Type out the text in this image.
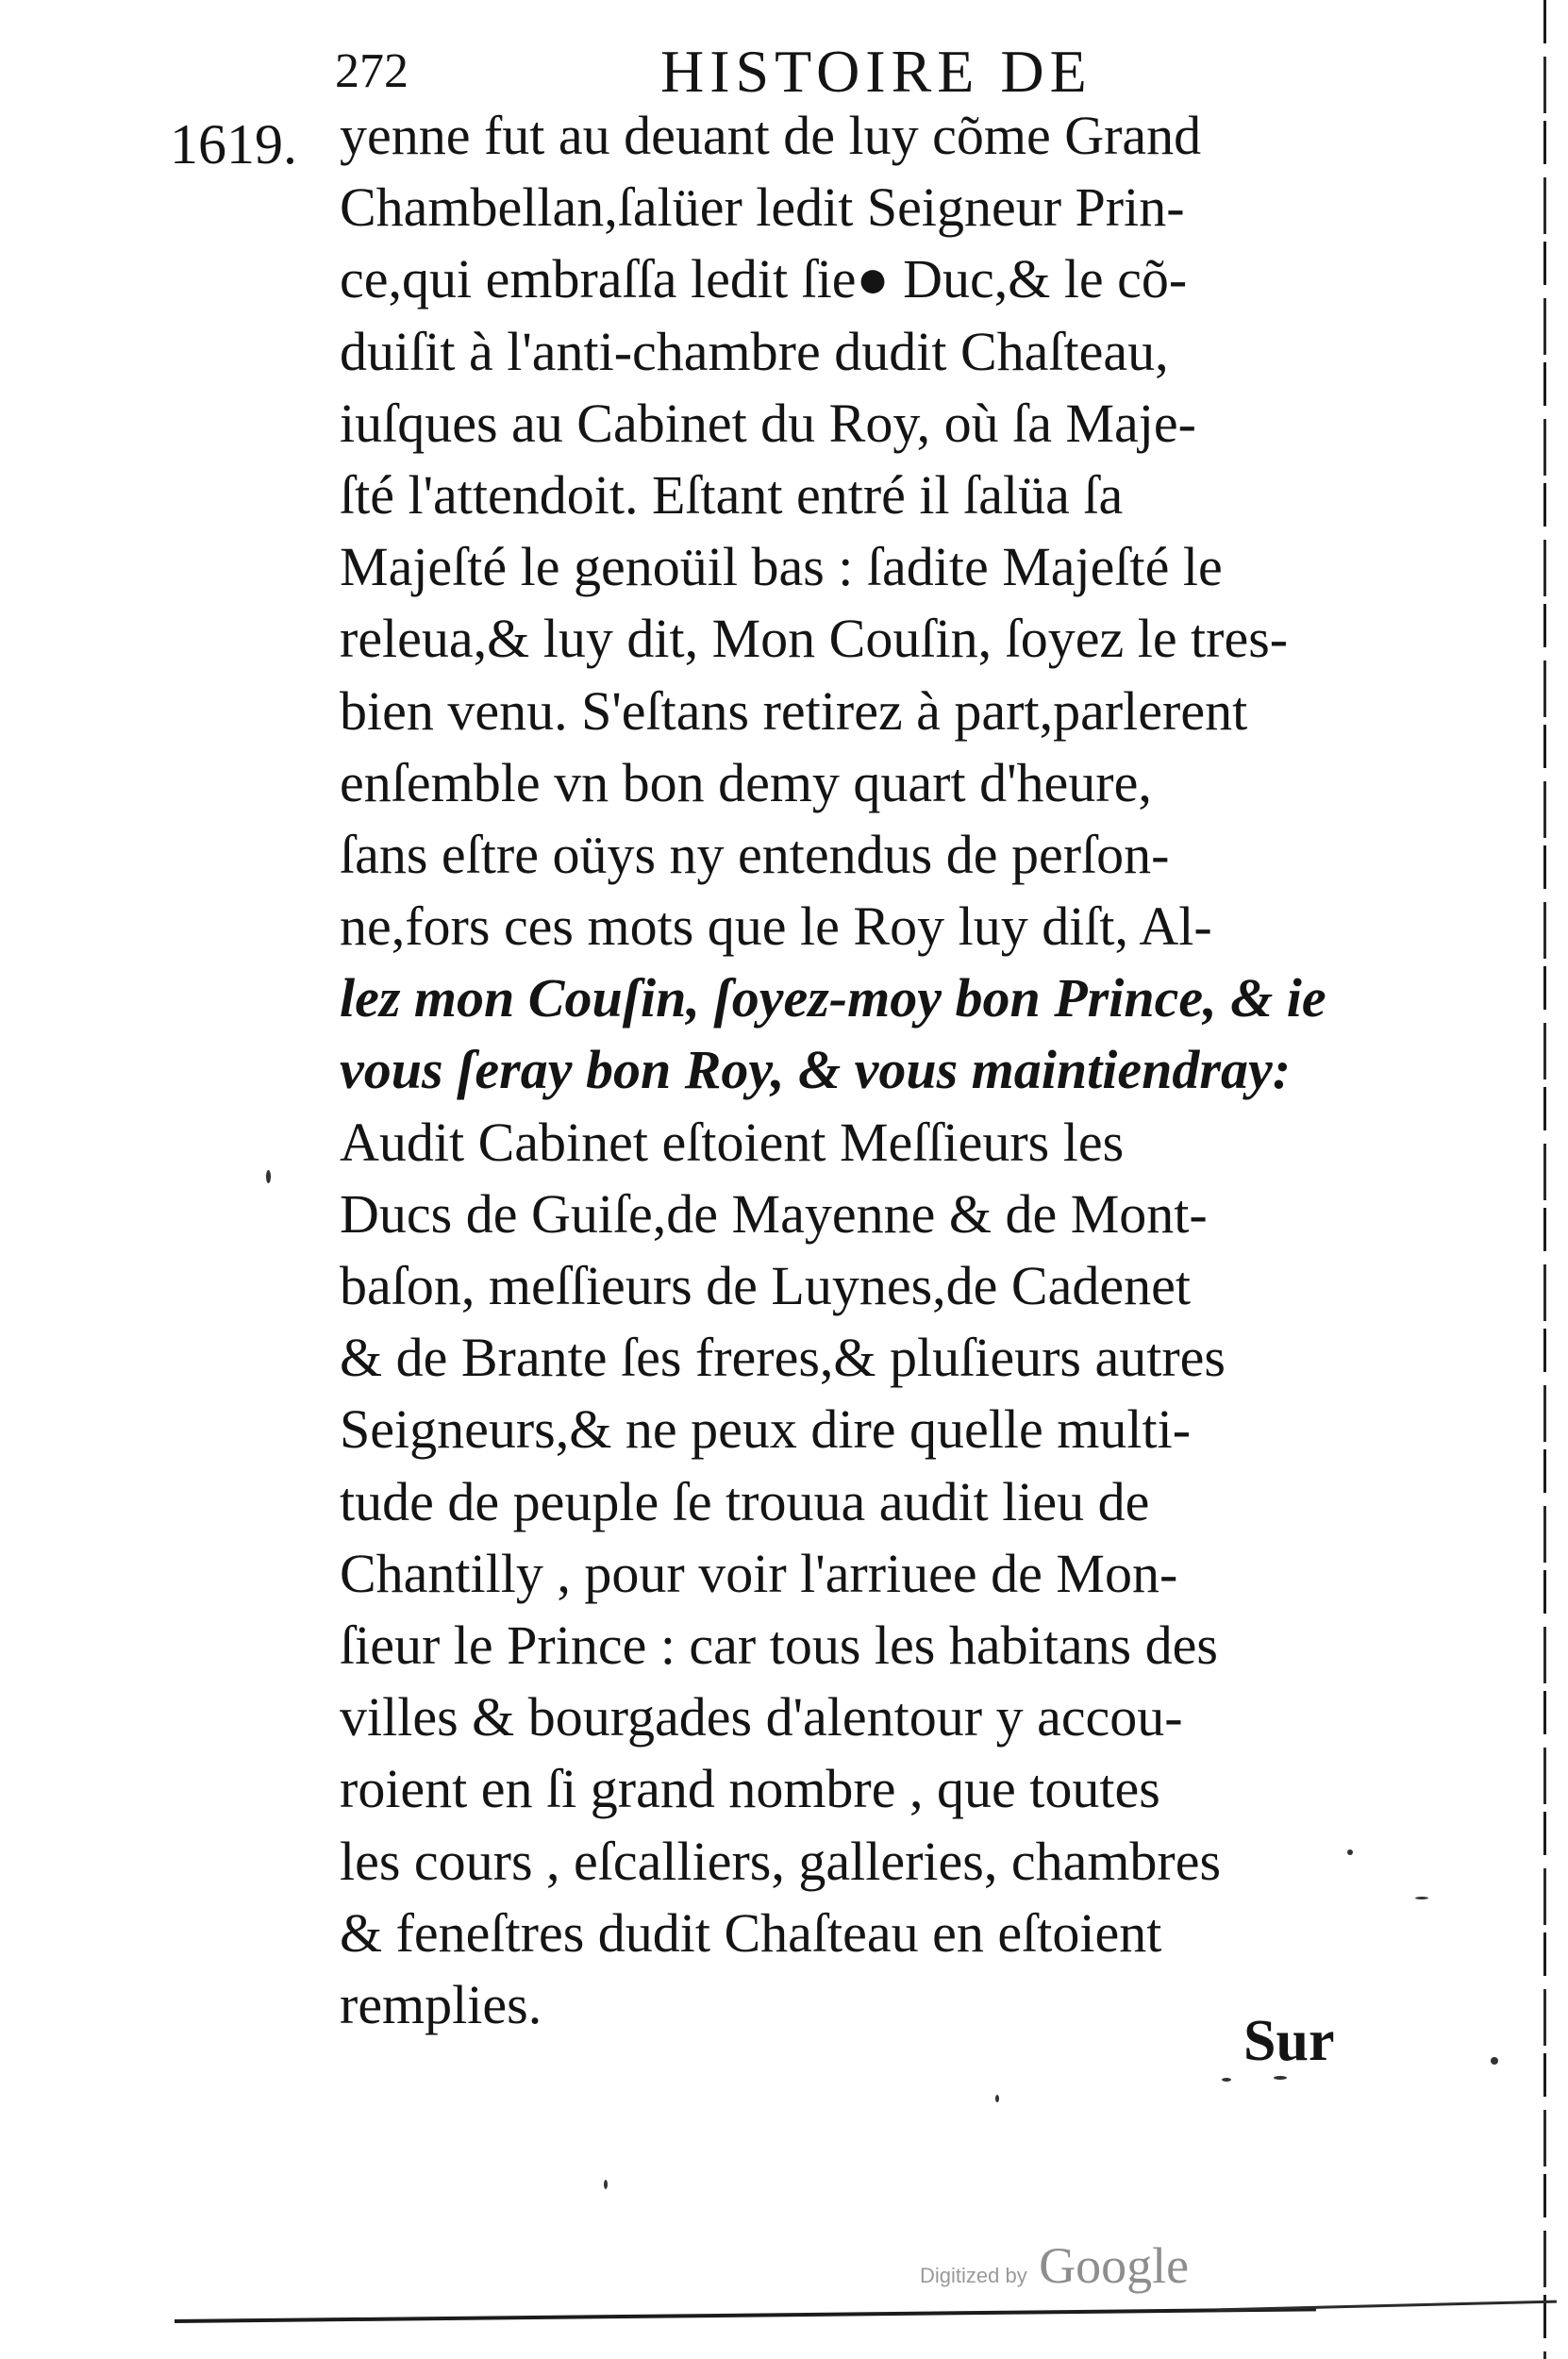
272	HISTOIRE DE
1619. yenne fut au deuant de luy cõme Grand
Chambellan,ſalüer ledit Seigneur Prin-
ce,qui embraſſa ledit ſie● Duc,& le cõ-
duiſit à l'anti-chambre dudit Chaſteau,
iuſques au Cabinet du Roy, où ſa Maje-
ſté l'attendoit. Eſtant entré il ſalüa ſa
Majeſté le genoüil bas : ſadite Majeſté le
releua,& luy dit, Mon Couſin, ſoyez le tres-
bien venu. S'eſtans retirez à part,parlerent
enſemble vn bon demy quart d'heure,
ſans eſtre oüys ny entendus de perſon-
ne,fors ces mots que le Roy luy diſt, Al-
lez mon Couſin, ſoyez-moy bon Prince, & ie
vous ſeray bon Roy, & vous maintiendray:
Audit Cabinet eſtoient Meſſieurs les
Ducs de Guiſe,de Mayenne & de Mont-
baſon, meſſieurs de Luynes,de Cadenet
& de Brante ſes freres,& pluſieurs autres
Seigneurs,& ne peux dire quelle multi-
tude de peuple ſe trouua audit lieu de
Chantilly , pour voir l'arriuee de Mon-
ſieur le Prince : car tous les habitans des
villes & bourgades d'alentour y accou-
roient en ſi grand nombre , que toutes
les cours , eſcalliers, galleries, chambres
& feneſtres dudit Chaſteau en eſtoient
remplies.
Sur
Digitized by Google
